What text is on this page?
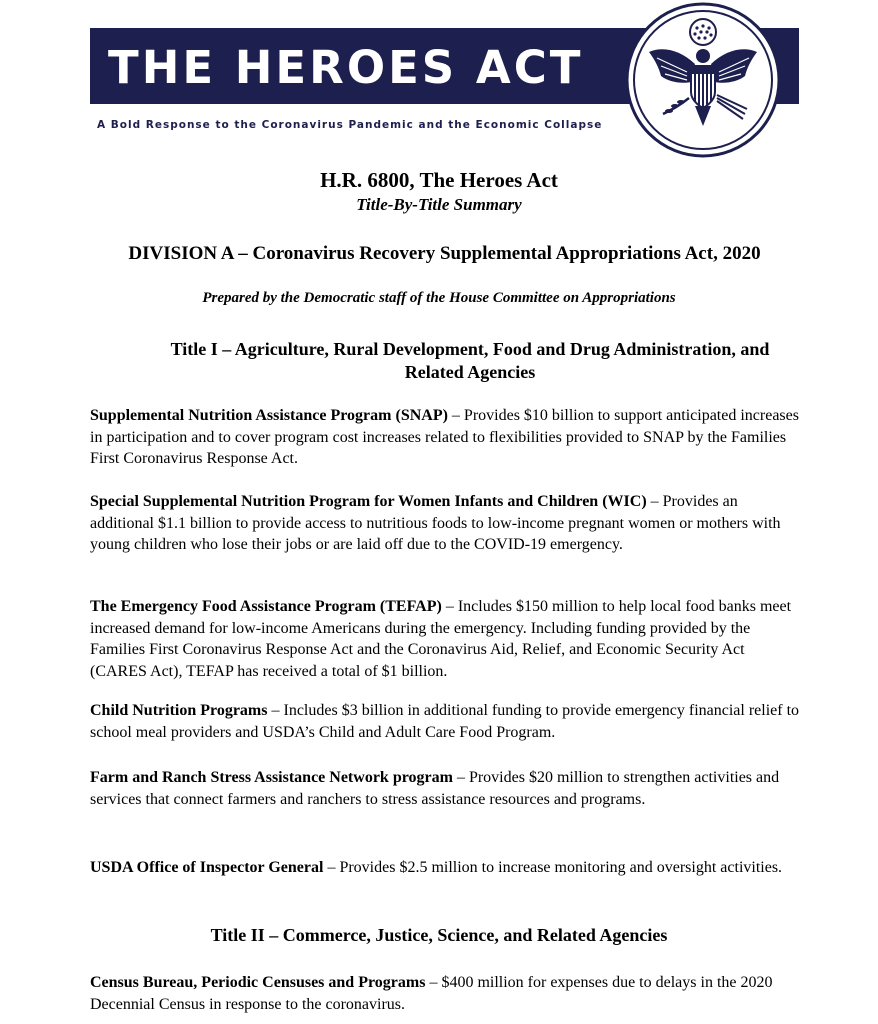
THE HEROES ACT
A Bold Response to the Coronavirus Pandemic and the Economic Collapse
H.R. 6800, The Heroes Act
Title-By-Title Summary
DIVISION A – Coronavirus Recovery Supplemental Appropriations Act, 2020
Prepared by the Democratic staff of the House Committee on Appropriations
Title I – Agriculture, Rural Development, Food and Drug Administration, and Related Agencies
Supplemental Nutrition Assistance Program (SNAP) – Provides $10 billion to support anticipated increases in participation and to cover program cost increases related to flexibilities provided to SNAP by the Families First Coronavirus Response Act.
Special Supplemental Nutrition Program for Women Infants and Children (WIC) – Provides an additional $1.1 billion to provide access to nutritious foods to low-income pregnant women or mothers with young children who lose their jobs or are laid off due to the COVID-19 emergency.
The Emergency Food Assistance Program (TEFAP) – Includes $150 million to help local food banks meet increased demand for low-income Americans during the emergency. Including funding provided by the Families First Coronavirus Response Act and the Coronavirus Aid, Relief, and Economic Security Act (CARES Act), TEFAP has received a total of $1 billion.
Child Nutrition Programs – Includes $3 billion in additional funding to provide emergency financial relief to school meal providers and USDA’s Child and Adult Care Food Program.
Farm and Ranch Stress Assistance Network program – Provides $20 million to strengthen activities and services that connect farmers and ranchers to stress assistance resources and programs.
USDA Office of Inspector General – Provides $2.5 million to increase monitoring and oversight activities.
Title II – Commerce, Justice, Science, and Related Agencies
Census Bureau, Periodic Censuses and Programs – $400 million for expenses due to delays in the 2020 Decennial Census in response to the coronavirus.
